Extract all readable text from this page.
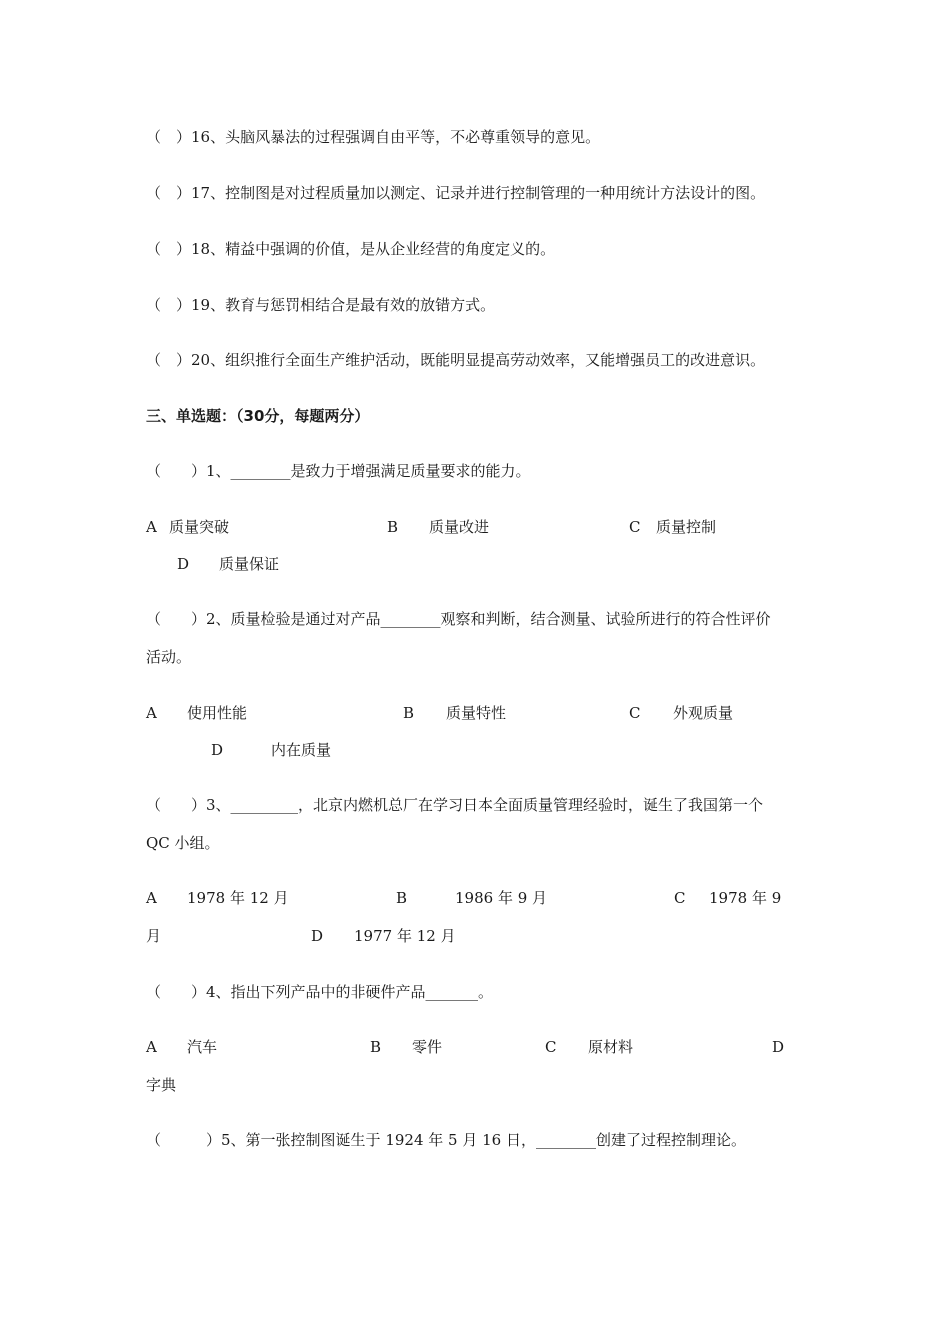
（　）16、头脑风暴法的过程强调自由平等，不必尊重领导的意见。
（　）17、控制图是对过程质量加以测定、记录并进行控制管理的一种用统计方法设计的图。
（　）18、精益中强调的价值，是从企业经营的角度定义的。
（　）19、教育与惩罚相结合是最有效的放错方式。
（　）20、组织推行全面生产维护活动，既能明显提高劳动效率，又能增强员工的改进意识。
三、单选题：（30分，每题两分）
（　　）1、________是致力于增强满足质量要求的能力。
A 质量突破	B 质量改进	C 质量控制
D 质量保证
（　　）2、质量检验是通过对产品________观察和判断，结合测量、试验所进行的符合性评价
活动。
A 使用性能	B 质量特性	C 外观质量
D	内在质量
（　　）3、_________，北京内燃机总厂在学习日本全面质量管理经验时，诞生了我国第一个
QC 小组。
A 1978 年 12 月	B	1986 年 9 月	C 1978 年 9
月	D 1977 年 12 月
（　　）4、指出下列产品中的非硬件产品_______。
A 汽车	B 零件	C 原材料	D
字典
（　　　）5、第一张控制图诞生于 1924 年 5 月 16 日，________创建了过程控制理论。
